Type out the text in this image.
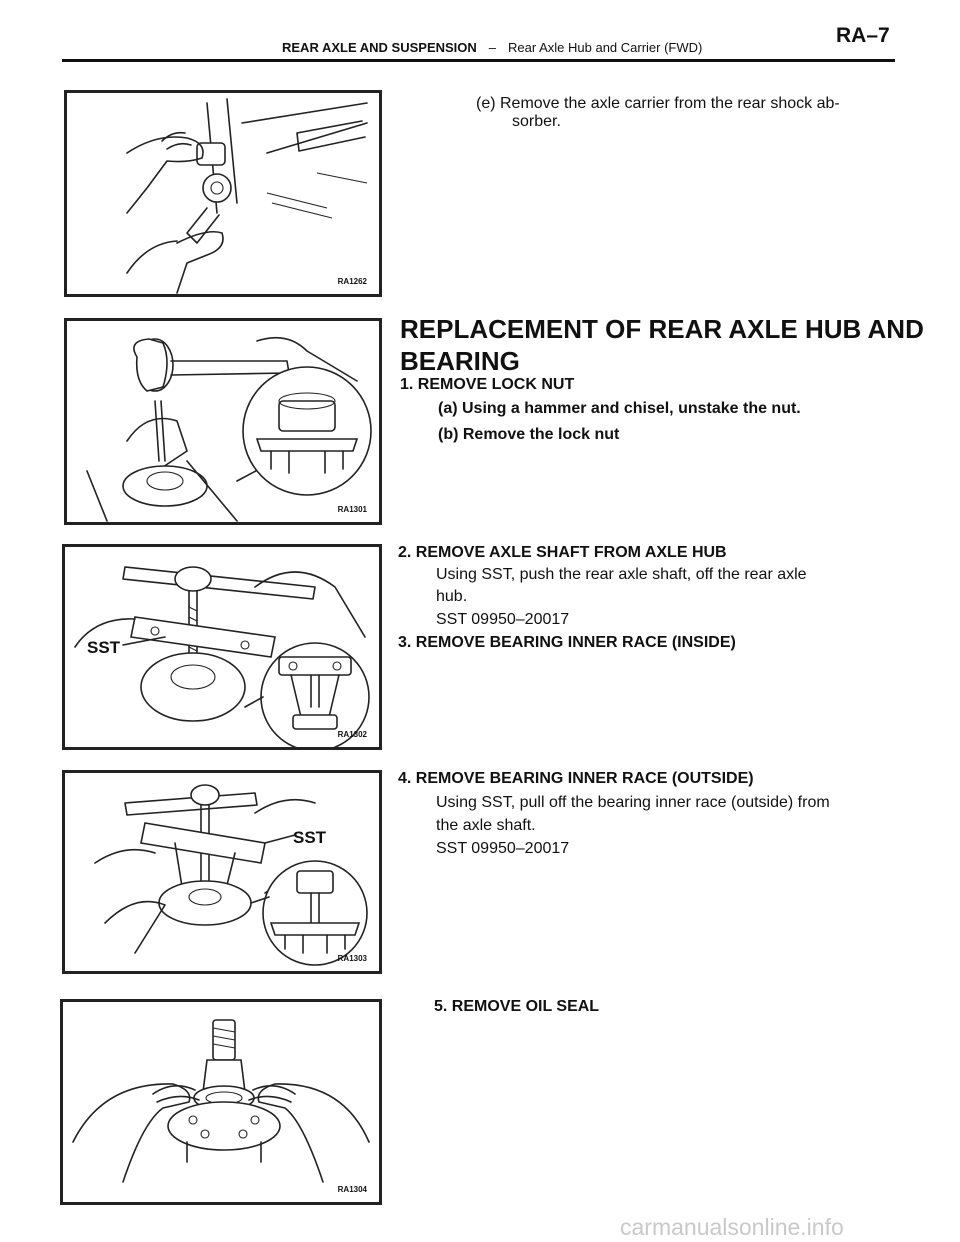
REAR AXLE AND SUSPENSION – Rear Axle Hub and Carrier (FWD)
RA–7
RA1262
(e) Remove the axle carrier from the rear shock ab-
sorber.
RA1301
REPLACEMENT OF REAR AXLE HUB AND BEARING
1. REMOVE LOCK NUT
(a) Using a hammer and chisel, unstake the nut.
(b) Remove the lock nut
SST
RA1302
2. REMOVE AXLE SHAFT FROM AXLE HUB
Using SST, push the rear axle shaft, off the rear axle
hub.
SST 09950–20017
3. REMOVE BEARING INNER RACE (INSIDE)
SST
RA1303
4. REMOVE BEARING INNER RACE (OUTSIDE)
Using SST, pull off the bearing inner race (outside) from
the axle shaft.
SST 09950–20017
RA1304
5. REMOVE OIL SEAL
carmanualsonline.info
